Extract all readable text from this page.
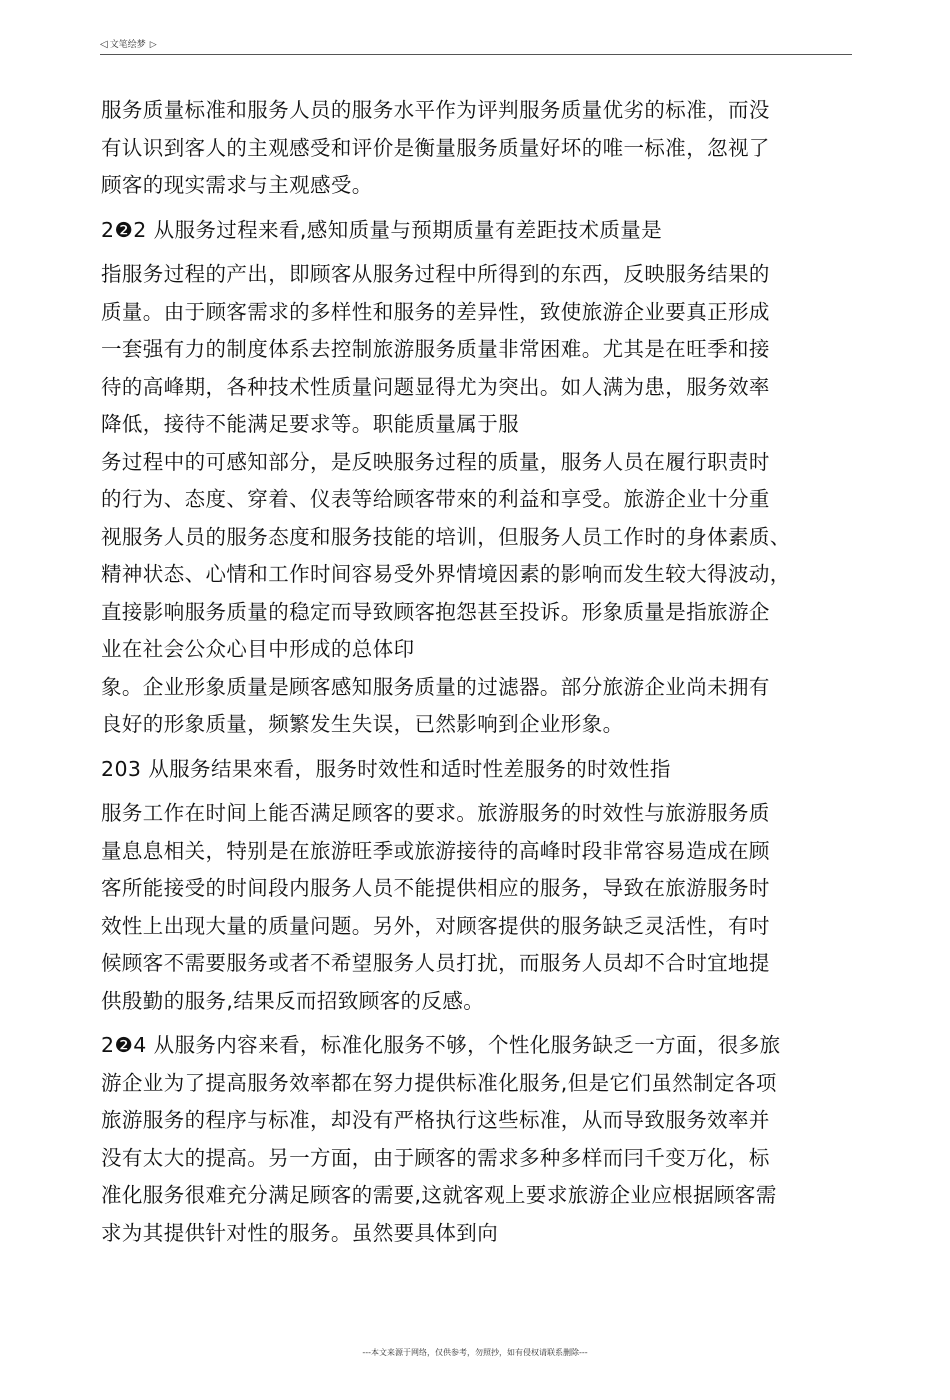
◁ 文笔绘梦 ▷
服务质量标准和服务人员的服务水平作为评判服务质量优劣的标准，而没
有认识到客人的主观感受和评价是衡量服务质量好坏的唯一标准，忽视了
顾客的现实需求与主观感受。
2❷2 从服务过程来看,感知质量与预期质量有差距技术质量是
指服务过程的产出，即顾客从服务过程中所得到的东西，反映服务结果的
质量。由于顾客需求的多样性和服务的差异性，致使旅游企业要真正形成
一套强有力的制度体系去控制旅游服务质量非常困难。尤其是在旺季和接
待的高峰期，各种技术性质量问题显得尤为突出。如人满为患，服务效率
降低，接待不能满足要求等。职能质量属于服
务过程中的可感知部分，是反映服务过程的质量，服务人员在履行职责时
的行为、态度、穿着、仪表等给顾客带來的利益和享受。旅游企业十分重
视服务人员的服务态度和服务技能的培训，但服务人员工作时的身体素质、
精神状态、心情和工作时间容易受外界情境因素的影响而发生较大得波动，
直接影响服务质量的稳定而导致顾客抱怨甚至投诉。形象质量是指旅游企
业在社会公众心目中形成的总体印
象。企业形象质量是顾客感知服务质量的过滤器。部分旅游企业尚未拥有
良好的形象质量，频繁发生失误，已然影响到企业形象。
203 从服务结果來看，服务时效性和适时性差服务的时效性指
服务工作在时间上能否满足顾客的要求。旅游服务的时效性与旅游服务质
量息息相关，特别是在旅游旺季或旅游接待的高峰时段非常容易造成在顾
客所能接受的时间段内服务人员不能提供相应的服务，导致在旅游服务时
效性上出现大量的质量问题。另外，对顾客提供的服务缺乏灵活性，有吋
候顾客不需要服务或者不希望服务人员打扰，而服务人员却不合时宜地提
供殷勤的服务,结果反而招致顾客的反感。
2❷4 从服务内容来看，标准化服务不够，个性化服务缺乏一方面，很多旅
游企业为了提高服务效率都在努力提供标准化服务,但是它们虽然制定各项
旅游服务的程序与标准，却没有严格执行这些标准，从而导致服务效率并
没有太大的提高。另一方面，由于顾客的需求多种多样而冃千变万化，标
准化服务很难充分满足顾客的需要,这就客观上要求旅游企业应根据顾客需
求为其提供针对性的服务。虽然要具体到向
---本文来源于网络，仅供参考，勿照抄，如有侵权请联系删除---
